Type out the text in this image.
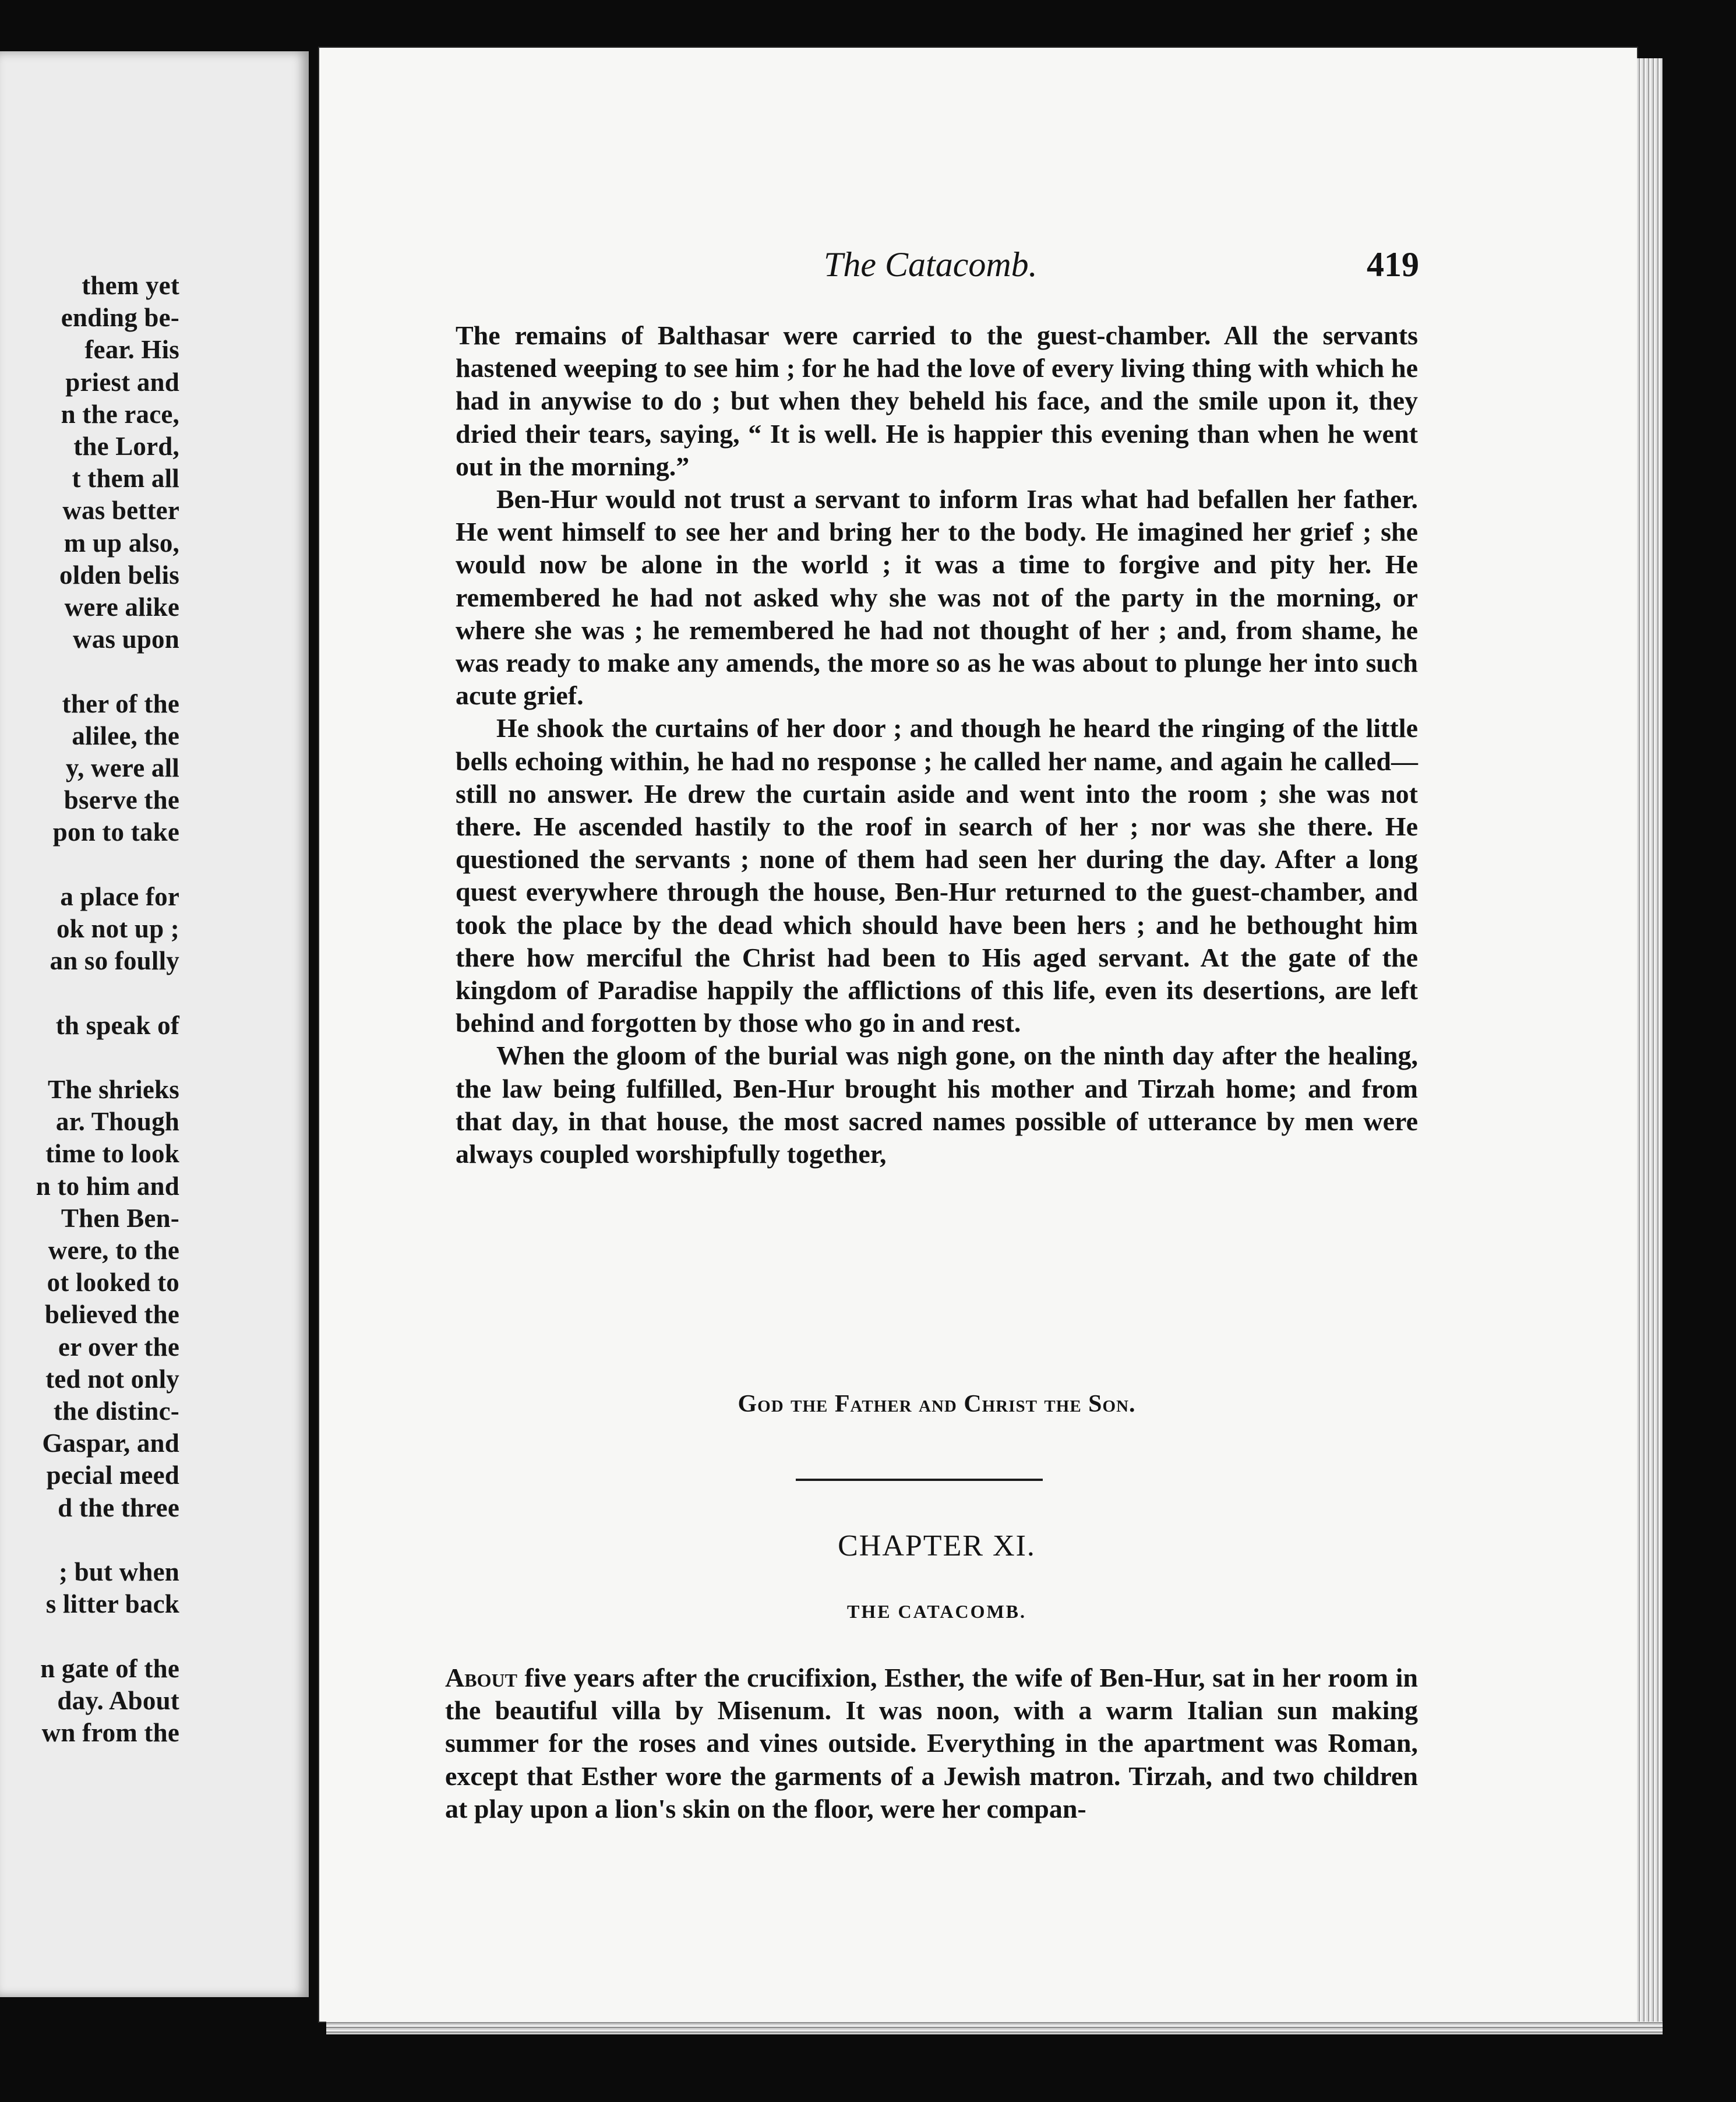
them yet
ending be-
fear. His
priest and
n the race,
the Lord,
t them all
was better
m up also,
olden belis
were alike
was upon
ther of the
alilee, the
y, were all
bserve the
pon to take
a place for
ok not up ;
an so foully
th speak of
The shrieks
ar. Though
time to look
n to him and
Then Ben-
were, to the
ot looked to
believed the
er over the
ted not only
the distinc-
Gaspar, and
pecial meed
d the three
; but when
s litter back
n gate of the
day. About
wn from the
The Catacomb.	419

The remains of Balthasar were carried to the guest-chamber. All the servants hastened weeping to see him ; for he had the love of every living thing with which he had in anywise to do ; but when they beheld his face, and the smile upon it, they dried their tears, saying, “ It is well. He is happier this evening than when he went out in the morning.”

Ben-Hur would not trust a servant to inform Iras what had befallen her father. He went himself to see her and bring her to the body. He imagined her grief ; she would now be alone in the world ; it was a time to forgive and pity her. He remembered he had not asked why she was not of the party in the morning, or where she was ; he remembered he had not thought of her ; and, from shame, he was ready to make any amends, the more so as he was about to plunge her into such acute grief.

He shook the curtains of her door ; and though he heard the ringing of the little bells echoing within, he had no response ; he called her name, and again he called—still no answer. He drew the curtain aside and went into the room ; she was not there. He ascended hastily to the roof in search of her ; nor was she there. He questioned the servants ; none of them had seen her during the day. After a long quest everywhere through the house, Ben-Hur returned to the guest-chamber, and took the place by the dead which should have been hers ; and he bethought him there how merciful the Christ had been to His aged servant. At the gate of the kingdom of Paradise happily the afflictions of this life, even its desertions, are left behind and forgotten by those who go in and rest.

When the gloom of the burial was nigh gone, on the ninth day after the healing, the law being fulfilled, Ben-Hur brought his mother and Tirzah home; and from that day, in that house, the most sacred names possible of utterance by men were always coupled worshipfully together,

God the Father and Christ the Son.
CHAPTER XI.
THE CATACOMB.

About five years after the crucifixion, Esther, the wife of Ben-Hur, sat in her room in the beautiful villa by Misenum. It was noon, with a warm Italian sun making summer for the roses and vines outside. Everything in the apartment was Roman, except that Esther wore the garments of a Jewish matron. Tirzah, and two children at play upon a lion's skin on the floor, were her compan-
